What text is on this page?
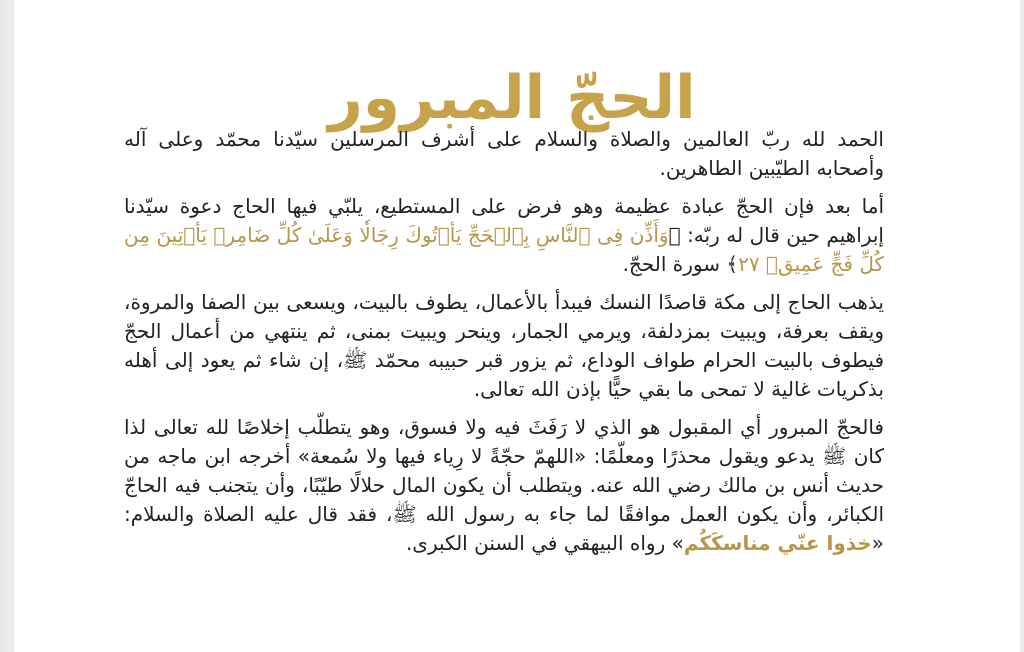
الحجّ المبرور

الحمد لله ربّ العالمين والصلاة والسلام على أشرف المرسلين سيّدنا محمّد وعلى آله وأصحابه الطيّبين الطاهرين.

أما بعد فإن الحجّ عبادة عظيمة وهو فرض على المستطيع، يلبّي فيها الحاج دعوة سيّدنا إبراهيم حين قال له ربّه: ﴿وَأَذِّن فِى ٱلنَّاسِ بِٱلۡحَجِّ يَأۡتُوكَ رِجَالٗا وَعَلَىٰ كُلِّ ضَامِرٖ يَأۡتِينَ مِن كُلِّ فَجٍّ عَمِيقٖ ٢٧﴾ سورة الحجّ.

يذهب الحاج إلى مكة قاصدًا النسك فيبدأ بالأعمال، يطوف بالبيت، ويسعى بين الصفا والمروة، ويقف بعرفة، ويبيت بمزدلفة، ويرمي الجمار، وينحر ويبيت بمنى، ثم ينتهي من أعمال الحجّ فيطوف بالبيت الحرام طواف الوداع، ثم يزور قبر حبيبه محمّد ﷺ، إن شاء ثم يعود إلى أهله بذكريات غالية لا تمحى ما بقي حيًّا بإذن الله تعالى.

فالحجّ المبرور أي المقبول هو الذي لا رَفَثَ فيه ولا فسوق، وهو يتطلّب إخلاصًا لله تعالى لذا كان ﷺ يدعو ويقول محذرًا ومعلّمًا: «اللهمّ حجّةً لا رِياء فيها ولا سُمعة» أخرجه ابن ماجه من حديث أنس بن مالك رضي الله عنه. ويتطلب أن يكون المال حلالًا طيّبًا، وأن يتجنب فيه الحاجّ الكبائر، وأن يكون العمل موافقًا لما جاء به رسول الله ﷺ، فقد قال عليه الصلاة والسلام: «خذوا عنّي مناسكَكُم» رواه البيهقي في السنن الكبرى.
